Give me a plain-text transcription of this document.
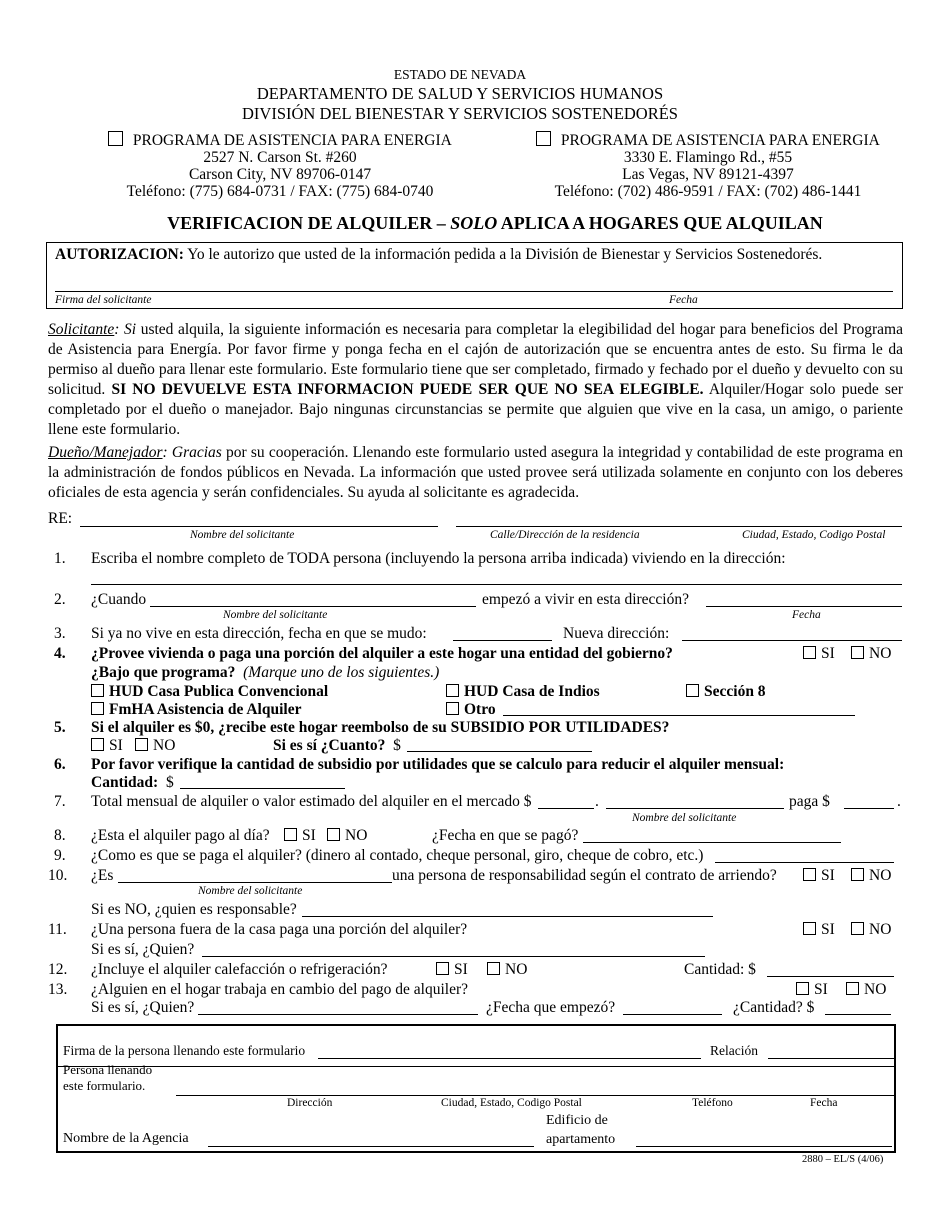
ESTADO DE NEVADA
DEPARTAMENTO DE SALUD Y SERVICIOS HUMANOS
DIVISIÓN DEL BIENESTAR Y SERVICIOS SOSTENEDORÉS
PROGRAMA DE ASISTENCIA PARA ENERGIA
2527 N. Carson St. #260
Carson City, NV 89706-0147
Teléfono: (775) 684-0731 / FAX: (775) 684-0740
PROGRAMA DE ASISTENCIA PARA ENERGIA
3330 E. Flamingo Rd., #55
Las Vegas, NV 89121-4397
Teléfono: (702) 486-9591 / FAX: (702) 486-1441
VERIFICACION DE ALQUILER – SOLO APLICA A HOGARES QUE ALQUILAN
AUTORIZACION: Yo le autorizo que usted de la información pedida a la División de Bienestar y Servicios Sostenedorés.
Firma del solicitante	Fecha

Solicitante: Si usted alquila, la siguiente información es necesaria para completar la elegibilidad del hogar para beneficios del Programa de Asistencia para Energía. Por favor firme y ponga fecha en el cajón de autorización que se encuentra antes de esto. Su firma le da permiso al dueño para llenar este formulario. Este formulario tiene que ser completado, firmado y fechado por el dueño y devuelto con su solicitud. SI NO DEVUELVE ESTA INFORMACION PUEDE SER QUE NO SEA ELEGIBLE. Alquiler/Hogar solo puede ser completado por el dueño o manejador. Bajo ningunas circunstancias se permite que alguien que vive en la casa, un amigo, o pariente llene este formulario.

Dueño/Manejador: Gracias por su cooperación. Llenando este formulario usted asegura la integridad y contabilidad de este programa en la administración de fondos públicos en Nevada. La información que usted provee será utilizada solamente en conjunto con los deberes oficiales de esta agencia y serán confidenciales. Su ayuda al solicitante es agradecida.

RE:
Nombre del solicitante	Calle/Dirección de la residencia	Ciudad, Estado, Codigo Postal
1. Escriba el nombre completo de TODA persona (incluyendo la persona arriba indicada) viviendo en la dirección:
2. ¿Cuando	empezó a vivir en esta dirección?
Nombre del solicitante	Fecha
3. Si ya no vive en esta dirección, fecha en que se mudo:	Nueva dirección:
4. ¿Provee vivienda o paga una porción del alquiler a este hogar una entidad del gobierno?	SI	NO
¿Bajo que programa? (Marque uno de los siguientes.)
HUD Casa Publica Convencional	HUD Casa de Indios	Sección 8
FmHA Asistencia de Alquiler	Otro
5. Si el alquiler es $0, ¿recibe este hogar reembolso de su SUBSIDIO POR UTILIDADES?
SI	NO	Si es sí ¿Cuanto? $
6. Por favor verifique la cantidad de subsidio por utilidades que se calculo para reducir el alquiler mensual:
Cantidad: $
7. Total mensual de alquiler o valor estimado del alquiler en el mercado $	.	paga $	.
Nombre del solicitante
8. ¿Esta el alquiler pago al día?	SI	NO	¿Fecha en que se pagó?
9. ¿Como es que se paga el alquiler? (dinero al contado, cheque personal, giro, cheque de cobro, etc.)
10. ¿Es	una persona de responsabilidad según el contrato de arriendo?	SI	NO
Nombre del solicitante
Si es NO, ¿quien es responsable?
11. ¿Una persona fuera de la casa paga una porción del alquiler?	SI	NO
Si es sí, ¿Quien?
12. ¿Incluye el alquiler calefacción o refrigeración?	SI	NO	Cantidad: $
13. ¿Alguien en el hogar trabaja en cambio del pago de alquiler?	SI	NO
Si es sí, ¿Quien?	¿Fecha que empezó?	¿Cantidad? $
Firma de la persona llenando este formulario	Relación
Persona llenando
este formulario.
Dirección	Ciudad, Estado, Codigo Postal	Teléfono	Fecha
Nombre de la Agencia
Edificio de
apartamento
2880 – EL/S (4/06)
